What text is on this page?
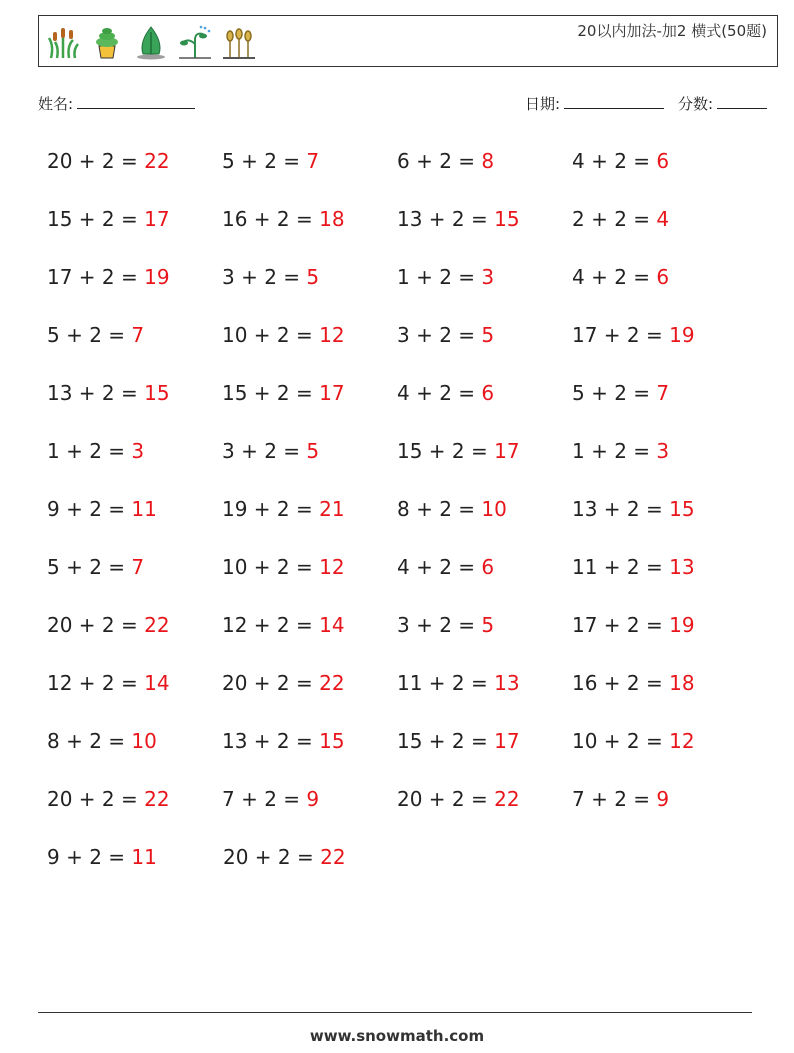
20以内加法-加2 横式(50题)
姓名:	日期:	分数:
20 + 2 = 22	5 + 2 = 7	6 + 2 = 8	4 + 2 = 6
15 + 2 = 17	16 + 2 = 18	13 + 2 = 15	2 + 2 = 4
17 + 2 = 19	3 + 2 = 5	1 + 2 = 3	4 + 2 = 6
5 + 2 = 7	10 + 2 = 12	3 + 2 = 5	17 + 2 = 19
13 + 2 = 15	15 + 2 = 17	4 + 2 = 6	5 + 2 = 7
1 + 2 = 3	3 + 2 = 5	15 + 2 = 17	1 + 2 = 3
9 + 2 = 11	19 + 2 = 21	8 + 2 = 10	13 + 2 = 15
5 + 2 = 7	10 + 2 = 12	4 + 2 = 6	11 + 2 = 13
20 + 2 = 22	12 + 2 = 14	3 + 2 = 5	17 + 2 = 19
12 + 2 = 14	20 + 2 = 22	11 + 2 = 13	16 + 2 = 18
8 + 2 = 10	13 + 2 = 15	15 + 2 = 17	10 + 2 = 12
20 + 2 = 22	7 + 2 = 9	20 + 2 = 22	7 + 2 = 9
9 + 2 = 11	20 + 2 = 22
www.snowmath.com
